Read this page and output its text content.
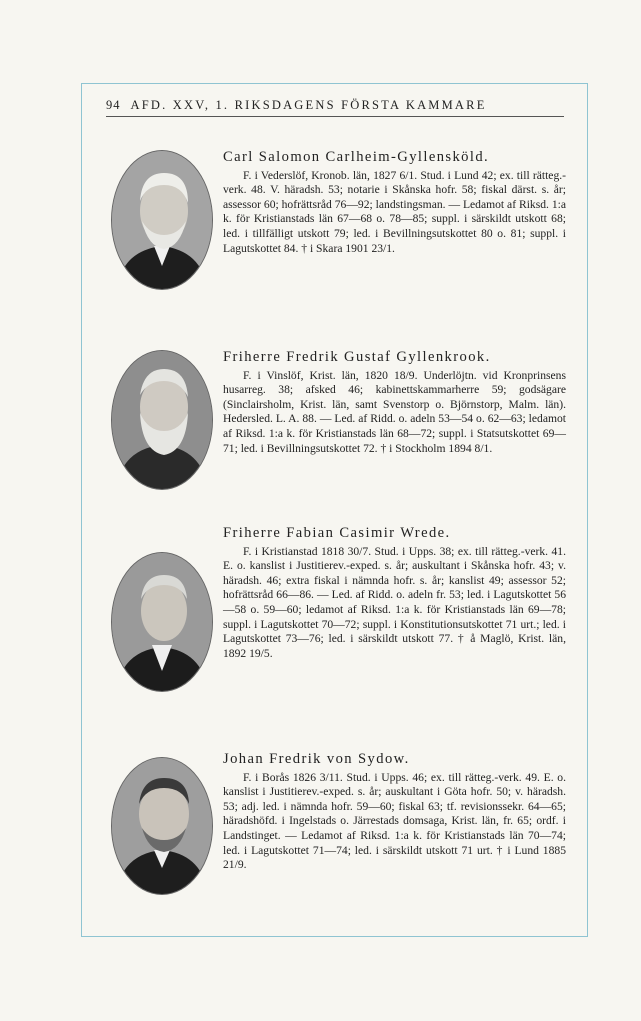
94 AFD. XXV, 1. RIKSDAGENS FÖRSTA KAMMARE

Carl Salomon Carlheim-Gyllensköld.

F. i Vederslöf, Kronob. län, 1827 6/1. Stud. i Lund 42; ex. till rätteg.-verk. 48. V. häradsh. 53; notarie i Skånska hofr. 58; fiskal därst. s. år; assessor 60; hofrättsråd 76—92; landstingsman. — Ledamot af Riksd. 1:a k. för Kristianstads län 67—68 o. 78—85; suppl. i särskildt utskott 68; led. i tillfälligt utskott 79; led. i Bevillningsutskottet 80 o. 81; suppl. i Lagutskottet 84. † i Skara 1901 23/1.

Friherre Fredrik Gustaf Gyllenkrook.

F. i Vinslöf, Krist. län, 1820 18/9. Underlöjtn. vid Kronprinsens husarreg. 38; afsked 46; kabinettskammarherre 59; godsägare (Sinclairsholm, Krist. län, samt Svenstorp o. Björnstorp, Malm. län). Hedersled. L. A. 88. — Led. af Ridd. o. adeln 53—54 o. 62—63; ledamot af Riksd. 1:a k. för Kristianstads län 68—72; suppl. i Statsutskottet 69—71; led. i Bevillningsutskottet 72. † i Stockholm 1894 8/1.

Friherre Fabian Casimir Wrede.

F. i Kristianstad 1818 30/7. Stud. i Upps. 38; ex. till rätteg.-verk. 41. E. o. kanslist i Justitierev.-exped. s. år; auskultant i Skånska hofr. 43; v. häradsh. 46; extra fiskal i nämnda hofr. s. år; kanslist 49; assessor 52; hofrättsråd 66—86. — Led. af Ridd. o. adeln fr. 53; led. i Lagutskottet 56—58 o. 59—60; ledamot af Riksd. 1:a k. för Kristianstads län 69—78; suppl. i Lagutskottet 70—72; suppl. i Konstitutionsutskottet 71 urt.; led. i Lagutskottet 73—76; led. i särskildt utskott 77. † å Maglö, Krist. län, 1892 19/5.

Johan Fredrik von Sydow.

F. i Borås 1826 3/11. Stud. i Upps. 46; ex. till rätteg.-verk. 49. E. o. kanslist i Justitierev.-exped. s. år; auskultant i Göta hofr. 50; v. häradsh. 53; adj. led. i nämnda hofr. 59—60; fiskal 63; tf. revisionssekr. 64—65; häradshöfd. i Ingelstads o. Järrestads domsaga, Krist. län, fr. 65; ordf. i Landstinget. — Ledamot af Riksd. 1:a k. för Kristianstads län 70—74; led. i Lagutskottet 71—74; led. i särskildt utskott 71 urt. † i Lund 1885 21/9.
